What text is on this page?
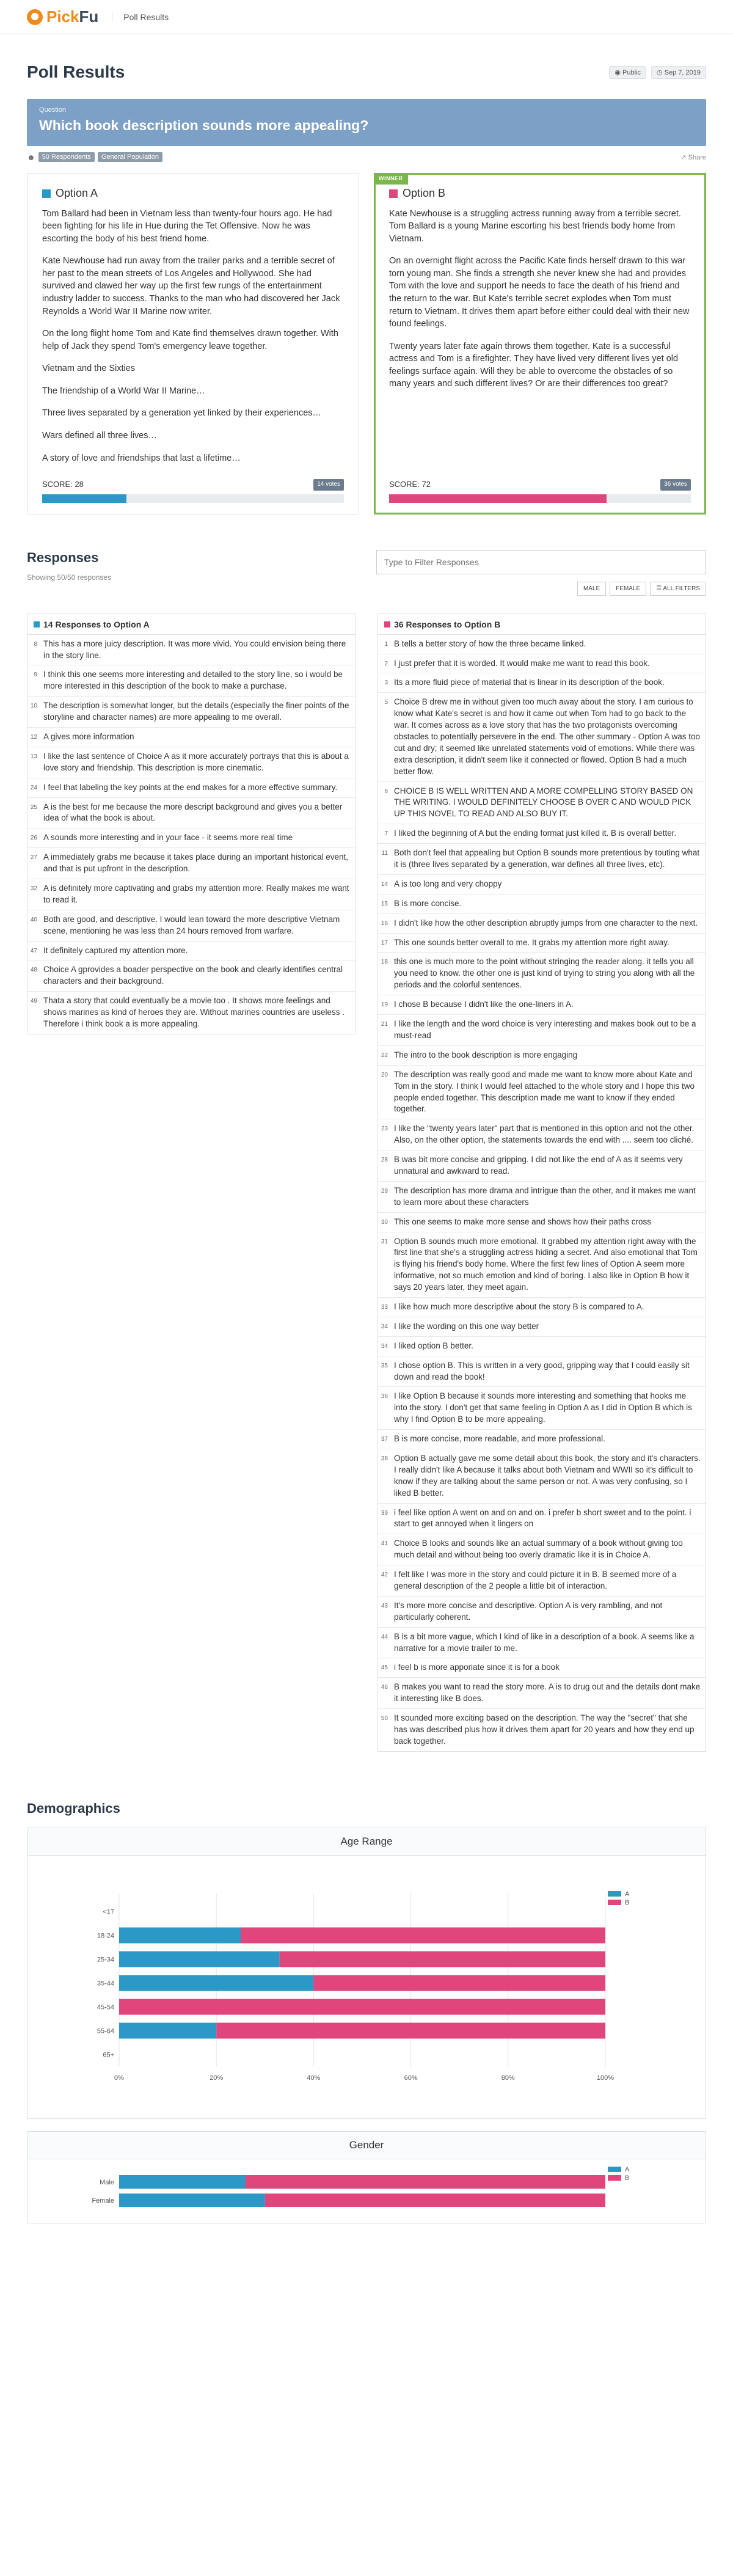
Pick Fu	Poll Results
Poll Results	◉ Public	◷ Sep 7, 2019
Question
Which book description sounds more appealing?
☻	50 Respondents	General Population	↗ Share
Option A

Tom Ballard had been in Vietnam less than twenty-four hours ago. He had been fighting for his life in Hue during the Tet Offensive. Now he was escorting the body of his best friend home.

Kate Newhouse had run away from the trailer parks and a terrible secret of her past to the mean streets of Los Angeles and Hollywood. She had survived and clawed her way up the first few rungs of the entertainment industry ladder to success. Thanks to the man who had discovered her Jack Reynolds a World War II Marine now writer.

On the long flight home Tom and Kate find themselves drawn together. With help of Jack they spend Tom's emergency leave together.

Vietnam and the Sixties

The friendship of a World War II Marine…

Three lives separated by a generation yet linked by their experiences…

Wars defined all three lives…

A story of love and friendships that last a lifetime…

SCORE: 28	14 votes
WINNER
Option B

Kate Newhouse is a struggling actress running away from a terrible secret. Tom Ballard is a young Marine escorting his best friends body home from Vietnam.

On an overnight flight across the Pacific Kate finds herself drawn to this war torn young man. She finds a strength she never knew she had and provides Tom with the love and support he needs to face the death of his friend and the return to the war. But Kate's terrible secret explodes when Tom must return to Vietnam. It drives them apart before either could deal with their new found feelings.

Twenty years later fate again throws them together. Kate is a successful actress and Tom is a firefighter. They have lived very different lives yet old feelings surface again. Will they be able to overcome the obstacles of so many years and such different lives? Or are their differences too great?

SCORE: 72	36 votes
Responses
Showing 50/50 responses
Type to Filter Responses
MALE	FEMALE	☰ ALL FILTERS
14 Responses to Option A
8 This has a more juicy description. It was more vivid. You could envision being there in the story line.
9 I think this one seems more interesting and detailed to the story line, so i would be more interested in this description of the book to make a purchase.
10 The description is somewhat longer, but the details (especially the finer points of the storyline and character names) are more appealing to me overall.
12 A gives more information
13 I like the last sentence of Choice A as it more accurately portrays that this is about a love story and friendship. This description is more cinematic.
24 I feel that labeling the key points at the end makes for a more effective summary.
25 A is the best for me because the more descript background and gives you a better idea of what the book is about.
26 A sounds more interesting and in your face - it seems more real time
27 A immediately grabs me because it takes place during an important historical event, and that is put upfront in the description.
32 A is definitely more captivating and grabs my attention more. Really makes me want to read it.
40 Both are good, and descriptive. I would lean toward the more descriptive Vietnam scene, mentioning he was less than 24 hours removed from warfare.
47 It definitely captured my attention more.
48 Choice A gprovides a boader perspective on the book and clearly identifies central characters and their background.
49 Thata a story that could eventually be a movie too . It shows more feelings and shows marines as kind of heroes they are. Without marines countries are useless . Therefore i think book a is more appealing.
36 Responses to Option B
1 B tells a better story of how the three became linked.
2 I just prefer that it is worded. It would make me want to read this book.
3 Its a more fluid piece of material that is linear in its description of the book.
5 Choice B drew me in without given too much away about the story. I am curious to know what Kate's secret is and how it came out when Tom had to go back to the war. It comes across as a love story that has the two protagonists overcoming obstacles to potentially persevere in the end. The other summary - Option A was too cut and dry; it seemed like unrelated statements void of emotions. While there was extra description, it didn't seem like it connected or flowed. Option B had a much better flow.
6 CHOICE B IS WELL WRITTEN AND A MORE COMPELLING STORY BASED ON THE WRITING. I WOULD DEFINITELY CHOOSE B OVER C AND WOULD PICK UP THIS NOVEL TO READ AND ALSO BUY IT.
7 I liked the beginning of A but the ending format just killed it. B is overall better.
11 Both don't feel that appealing but Option B sounds more pretentious by touting what it is (three lives separated by a generation, war defines all three lives, etc).
14 A is too long and very choppy
15 B is more concise.
16 I didn't like how the other description abruptly jumps from one character to the next.
17 This one sounds better overall to me. It grabs my attention more right away.
18 this one is much more to the point without stringing the reader along. it tells you all you need to know. the other one is just kind of trying to string you along with all the periods and the colorful sentences.
19 I chose B because I didn't like the one-liners in A.
21 I like the length and the word choice is very interesting and makes book out to be a must-read
22 The intro to the book description is more engaging
20 The description was really good and made me want to know more about Kate and Tom in the story. I think I would feel attached to the whole story and I hope this two people ended together. This description made me want to know if they ended together.
23 I like the "twenty years later" part that is mentioned in this option and not the other. Also, on the other option, the statements towards the end with .... seem too cliché.
28 B was bit more concise and gripping. I did not like the end of A as it seems very unnatural and awkward to read.
29 The description has more drama and intrigue than the other, and it makes me want to learn more about these characters
30 This one seems to make more sense and shows how their paths cross
31 Option B sounds much more emotional. It grabbed my attention right away with the first line that she's a struggling actress hiding a secret. And also emotional that Tom is flying his friend's body home. Where the first few lines of Option A seem more informative, not so much emotion and kind of boring. I also like in Option B how it says 20 years later, they meet again.
33 I like how much more descriptive about the story B is compared to A.
34 I like the wording on this one way better
34 I liked option B better.
35 I chose option B. This is written in a very good, gripping way that I could easily sit down and read the book!
36 I like Option B because it sounds more interesting and something that hooks me into the story. I don't get that same feeling in Option A as I did in Option B which is why I find Option B to be more appealing.
37 B is more concise, more readable, and more professional.
38 Option B actually gave me some detail about this book, the story and it's characters. I really didn't like A because it talks about both Vietnam and WWII so it's difficult to know if they are talking about the same person or not. A was very confusing, so I liked B better.
39 i feel like option A went on and on and on. i prefer b short sweet and to the point. i start to get annoyed when it lingers on
41 Choice B looks and sounds like an actual summary of a book without giving too much detail and without being too overly dramatic like it is in Choice A.
42 I felt like I was more in the story and could picture it in B. B seemed more of a general description of the 2 people a little bit of interaction.
43 It's more more concise and descriptive. Option A is very rambling, and not particularly coherent.
44 B is a bit more vague, which I kind of like in a description of a book. A seems like a narrative for a movie trailer to me.
45 i feel b is more apporiate since it is for a book
46 B makes you want to read the story more. A is to drug out and the details dont make it interesting like B does.
50 It sounded more exciting based on the description. The way the "secret" that she has was described plus how it drives them apart for 20 years and how they end up back together.
Demographics
Age Range
0%	20%	40%	60%	80%	100%
<17
18-24
25-34
35-44
45-54
55-64
65+
A
B
Gender
Male
Female
A
B
